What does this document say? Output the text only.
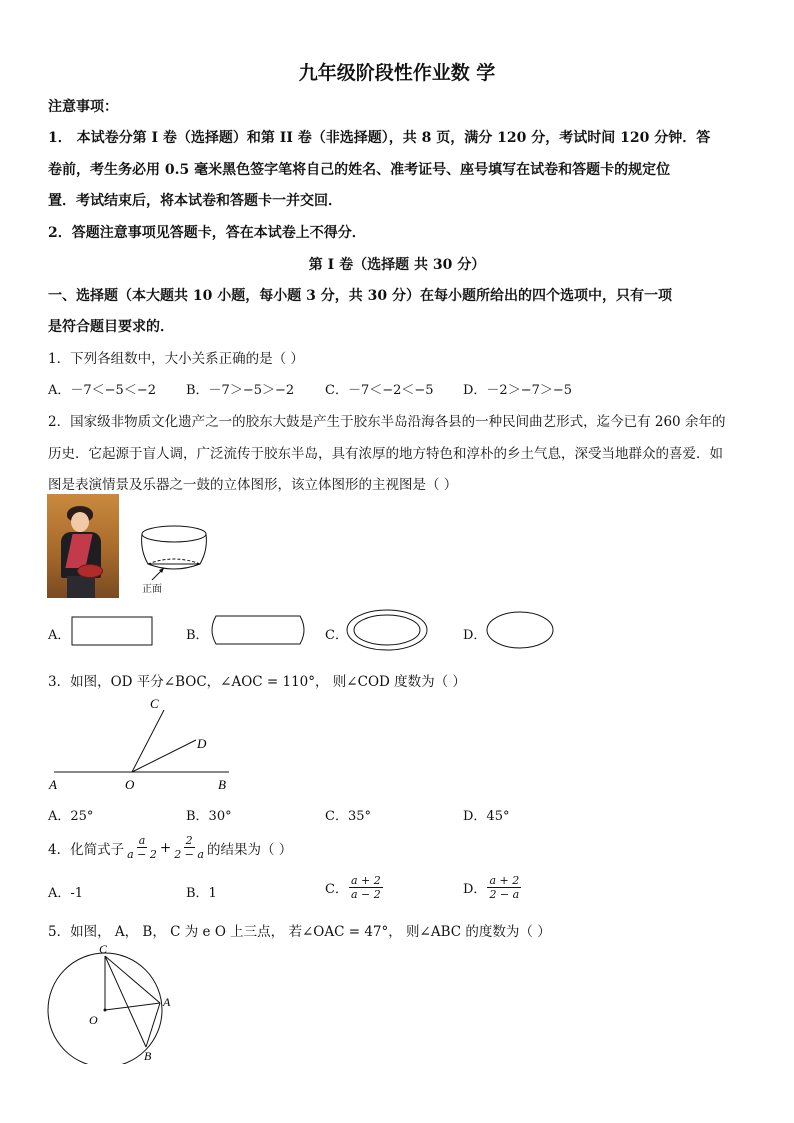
九年级阶段性作业数 学
注意事项：
1． 本试卷分第 I 卷（选择题）和第 II 卷（非选择题），共 8 页，满分 120 分，考试时间 120 分钟．答
卷前，考生务必用 0.5 毫米黑色签字笔将自己的姓名、准考证号、座号填写在试卷和答题卡的规定位
置．考试结束后，将本试卷和答题卡一并交回．
2．答题注意事项见答题卡，答在本试卷上不得分．
第 I 卷（选择题 共 30 分）
一、选择题（本大题共 10 小题，每小题 3 分，共 30 分）在每小题所给出的四个选项中，只有一项
是符合题目要求的．
1．下列各组数中，大小关系正确的是（ ）
A．－7＜−5＜−2 B．－7＞−5＞−2 C．－7＜−2＜−5 D．－2＞−7＞−5
2．国家级非物质文化遗产之一的胶东大鼓是产生于胶东半岛沿海各县的一种民间曲艺形式，迄今已有 260 余年的
历史．它起源于盲人调，广泛流传于胶东半岛，具有浓厚的地方特色和淳朴的乡土气息，深受当地群众的喜爱．如
图是表演情景及乐器之一鼓的立体图形，该立体图形的主视图是（ ）
正面
A．	B．	C．	D．
3．如图，OD 平分∠BOC，∠AOC = 110°， 则∠COD 度数为（ ）
A	O	B
C
D
A．25°	B．30°	C．35°	D．45°
4．化简式子 $\frac{a}{a - 2} + \frac{2}{2 - a}$ 的结果为（ ）
A．-1	B．1	C． $\frac{a + 2}{a - 2}$	D． $\frac{a + 2}{2 - a}$
5．如图， A， B， C 为 e O 上三点， 若∠OAC = 47°， 则∠ABC 的度数为（ ）
C
O
A
B
